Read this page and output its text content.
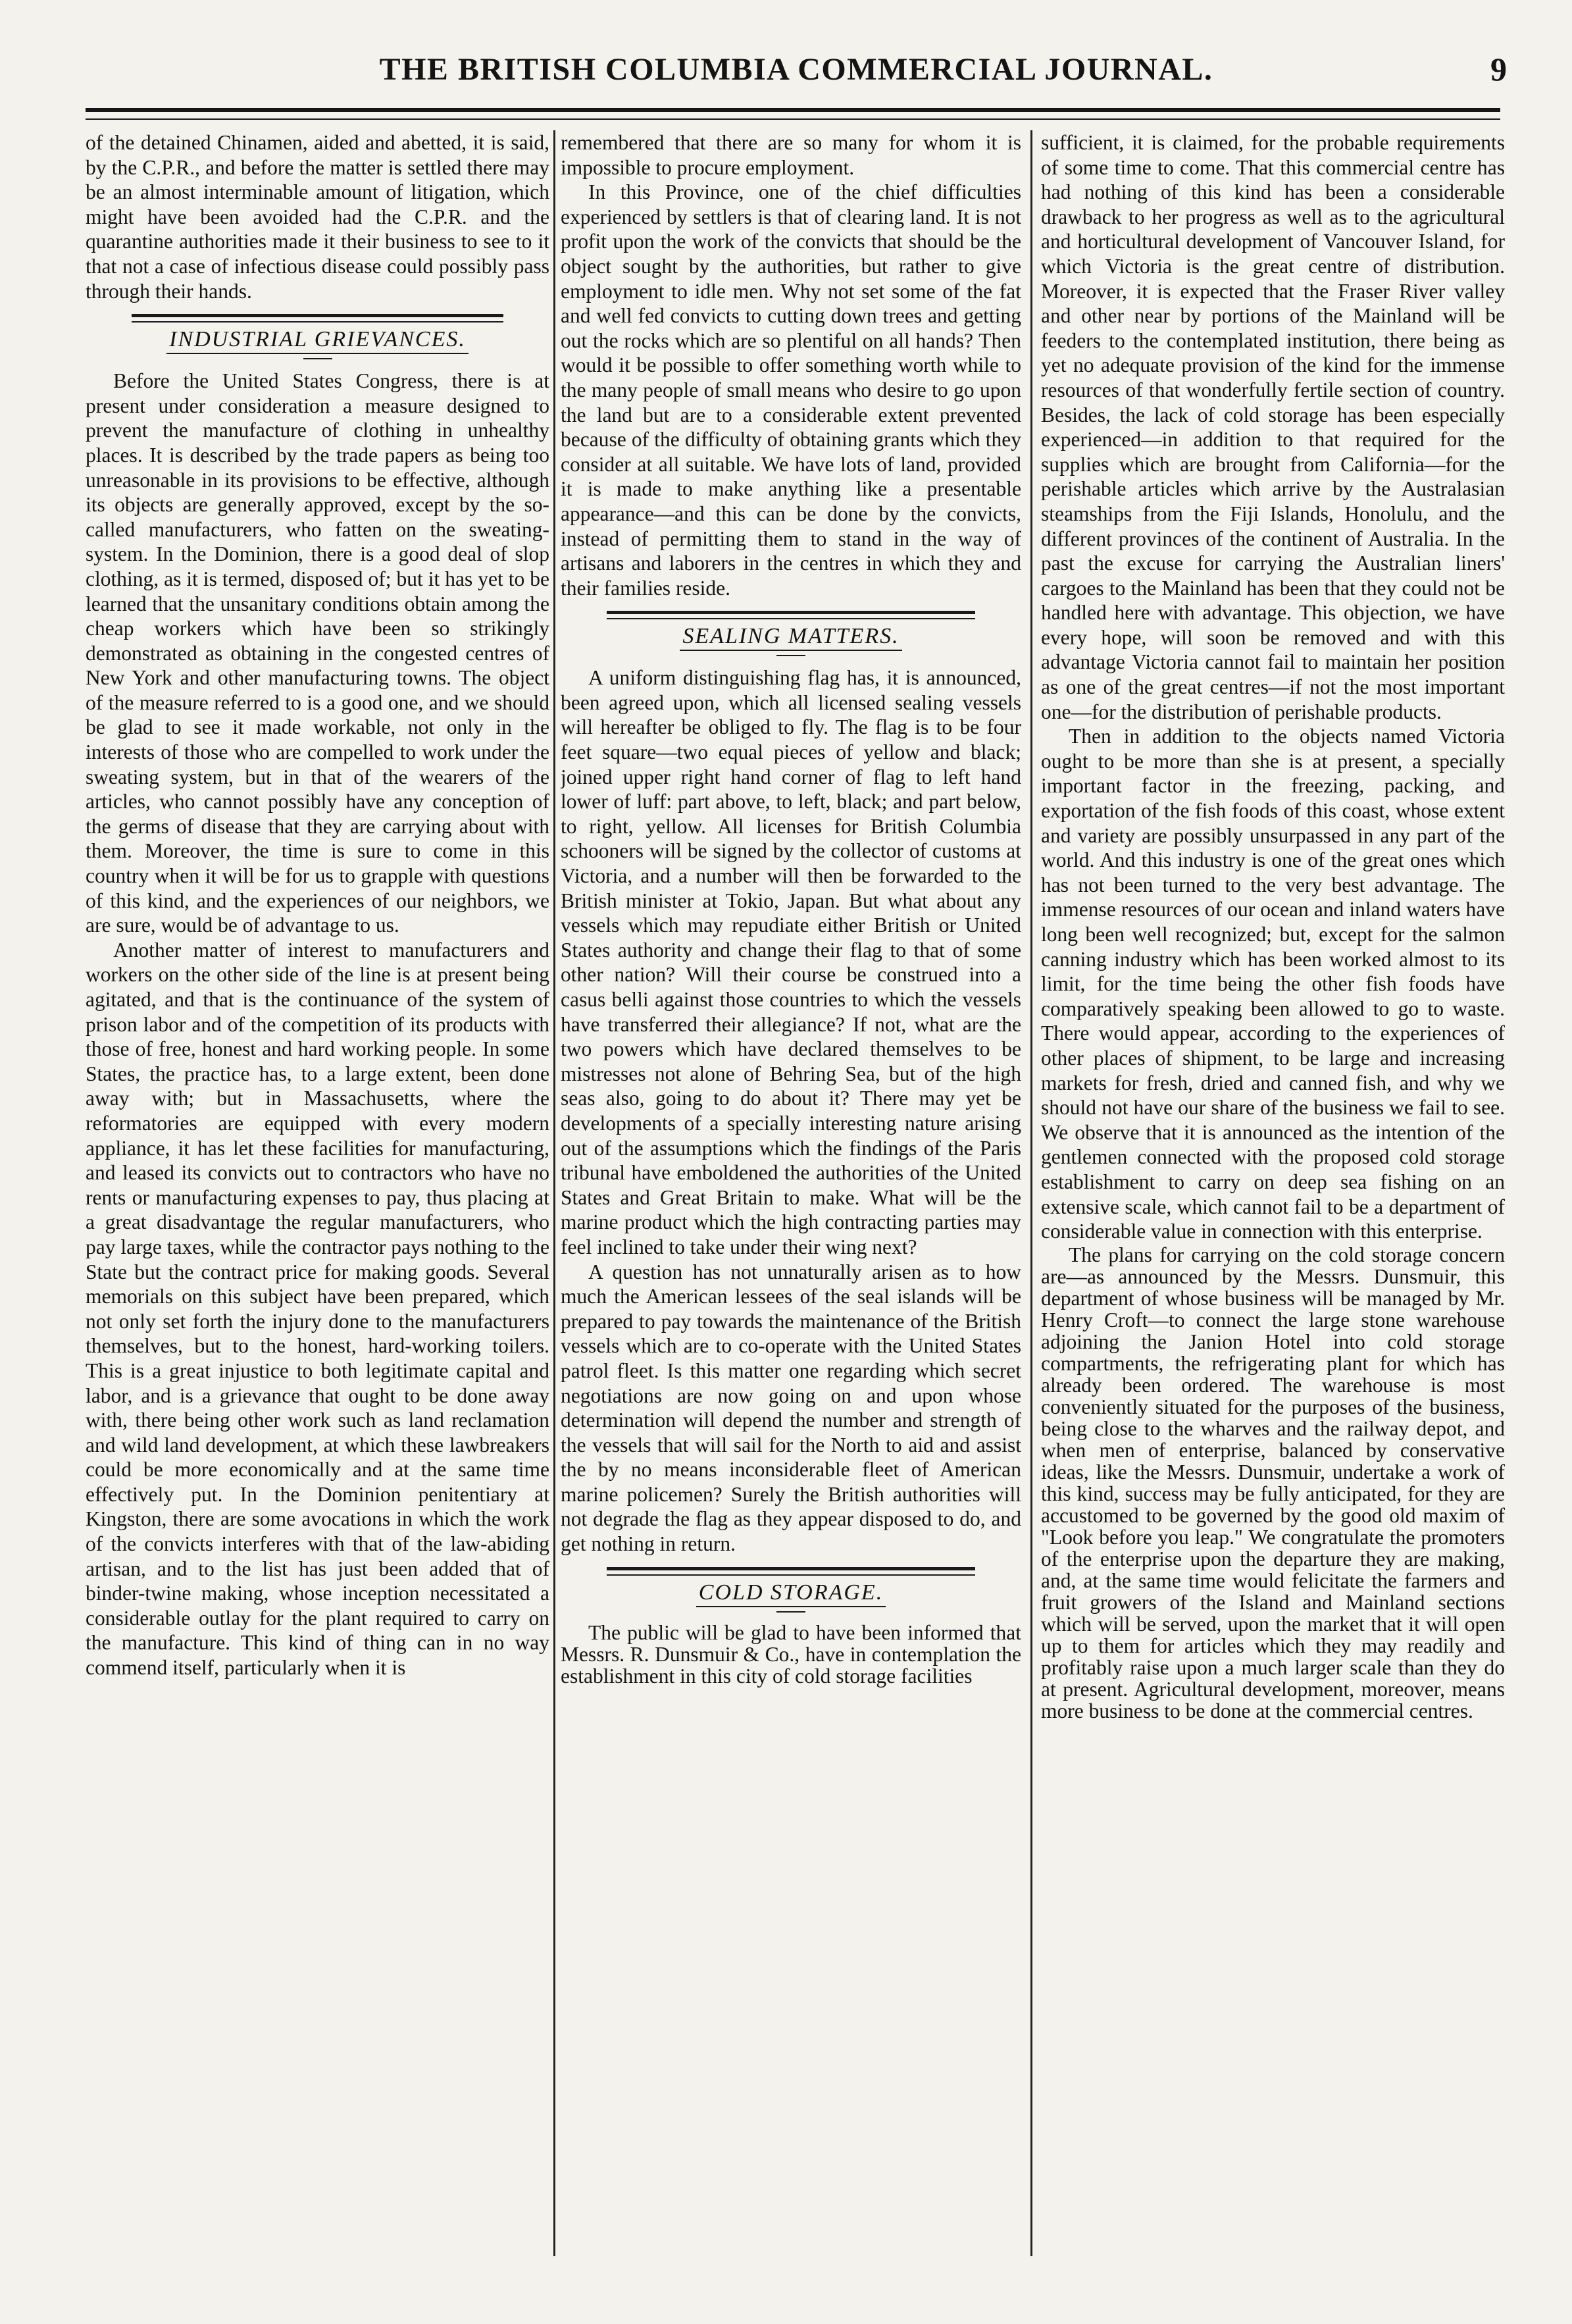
THE BRITISH COLUMBIA COMMERCIAL JOURNAL.	9

of the detained Chinamen, aided and abetted, it is said, by the C.P.R., and before the matter is settled there may be an almost interminable amount of litigation, which might have been avoided had the C.P.R. and the quarantine authorities made it their business to see to it that not a case of infectious disease could possibly pass through their hands.

INDUSTRIAL GRIEVANCES.

Before the United States Congress, there is at present under consideration a measure designed to prevent the manufacture of clothing in unhealthy places. It is described by the trade papers as being too unreasonable in its provisions to be effective, although its objects are generally approved, except by the so-called manufacturers, who fatten on the sweating-system. In the Dominion, there is a good deal of slop clothing, as it is termed, disposed of; but it has yet to be learned that the unsanitary conditions obtain among the cheap workers which have been so strikingly demonstrated as obtaining in the congested centres of New York and other manufacturing towns. The object of the measure referred to is a good one, and we should be glad to see it made workable, not only in the interests of those who are compelled to work under the sweating system, but in that of the wearers of the articles, who cannot possibly have any conception of the germs of disease that they are carrying about with them. Moreover, the time is sure to come in this country when it will be for us to grapple with questions of this kind, and the experiences of our neighbors, we are sure, would be of advantage to us.

Another matter of interest to manufacturers and workers on the other side of the line is at present being agitated, and that is the continuance of the system of prison labor and of the competition of its products with those of free, honest and hard working people. In some States, the practice has, to a large extent, been done away with; but in Massachusetts, where the reformatories are equipped with every modern appliance, it has let these facilities for manufacturing, and leased its convicts out to contractors who have no rents or manufacturing expenses to pay, thus placing at a great disadvantage the regular manufacturers, who pay large taxes, while the contractor pays nothing to the State but the contract price for making goods. Several memorials on this subject have been prepared, which not only set forth the injury done to the manufacturers themselves, but to the honest, hard-working toilers. This is a great injustice to both legitimate capital and labor, and is a grievance that ought to be done away with, there being other work such as land reclamation and wild land development, at which these lawbreakers could be more economically and at the same time effectively put. In the Dominion penitentiary at Kingston, there are some avocations in which the work of the convicts interferes with that of the law-abiding artisan, and to the list has just been added that of binder-twine making, whose inception necessitated a considerable outlay for the plant required to carry on the manufacture. This kind of thing can in no way commend itself, particularly when it is

remembered that there are so many for whom it is impossible to procure employment.

In this Province, one of the chief difficulties experienced by settlers is that of clearing land. It is not profit upon the work of the convicts that should be the object sought by the authorities, but rather to give employment to idle men. Why not set some of the fat and well fed convicts to cutting down trees and getting out the rocks which are so plentiful on all hands? Then would it be possible to offer something worth while to the many people of small means who desire to go upon the land but are to a considerable extent prevented because of the difficulty of obtaining grants which they consider at all suitable. We have lots of land, provided it is made to make anything like a presentable appearance—and this can be done by the convicts, instead of permitting them to stand in the way of artisans and laborers in the centres in which they and their families reside.

SEALING MATTERS.

A uniform distinguishing flag has, it is announced, been agreed upon, which all licensed sealing vessels will hereafter be obliged to fly. The flag is to be four feet square—two equal pieces of yellow and black; joined upper right hand corner of flag to left hand lower of luff: part above, to left, black; and part below, to right, yellow. All licenses for British Columbia schooners will be signed by the collector of customs at Victoria, and a number will then be forwarded to the British minister at Tokio, Japan. But what about any vessels which may repudiate either British or United States authority and change their flag to that of some other nation? Will their course be construed into a casus belli against those countries to which the vessels have transferred their allegiance? If not, what are the two powers which have declared themselves to be mistresses not alone of Behring Sea, but of the high seas also, going to do about it? There may yet be developments of a specially interesting nature arising out of the assumptions which the findings of the Paris tribunal have emboldened the authorities of the United States and Great Britain to make. What will be the marine product which the high contracting parties may feel inclined to take under their wing next?

A question has not unnaturally arisen as to how much the American lessees of the seal islands will be prepared to pay towards the maintenance of the British vessels which are to co-operate with the United States patrol fleet. Is this matter one regarding which secret negotiations are now going on and upon whose determination will depend the number and strength of the vessels that will sail for the North to aid and assist the by no means inconsiderable fleet of American marine policemen? Surely the British authorities will not degrade the flag as they appear disposed to do, and get nothing in return.

COLD STORAGE.

The public will be glad to have been informed that Messrs. R. Dunsmuir & Co., have in contemplation the establishment in this city of cold storage facilities

sufficient, it is claimed, for the probable requirements of some time to come. That this commercial centre has had nothing of this kind has been a considerable drawback to her progress as well as to the agricultural and horticultural development of Vancouver Island, for which Victoria is the great centre of distribution. Moreover, it is expected that the Fraser River valley and other near by portions of the Mainland will be feeders to the contemplated institution, there being as yet no adequate provision of the kind for the immense resources of that wonderfully fertile section of country. Besides, the lack of cold storage has been especially experienced—in addition to that required for the supplies which are brought from California—for the perishable articles which arrive by the Australasian steamships from the Fiji Islands, Honolulu, and the different provinces of the continent of Australia. In the past the excuse for carrying the Australian liners' cargoes to the Mainland has been that they could not be handled here with advantage. This objection, we have every hope, will soon be removed and with this advantage Victoria cannot fail to maintain her position as one of the great centres—if not the most important one—for the distribution of perishable products.

Then in addition to the objects named Victoria ought to be more than she is at present, a specially important factor in the freezing, packing, and exportation of the fish foods of this coast, whose extent and variety are possibly unsurpassed in any part of the world. And this industry is one of the great ones which has not been turned to the very best advantage. The immense resources of our ocean and inland waters have long been well recognized; but, except for the salmon canning industry which has been worked almost to its limit, for the time being the other fish foods have comparatively speaking been allowed to go to waste. There would appear, according to the experiences of other places of shipment, to be large and increasing markets for fresh, dried and canned fish, and why we should not have our share of the business we fail to see. We observe that it is announced as the intention of the gentlemen connected with the proposed cold storage establishment to carry on deep sea fishing on an extensive scale, which cannot fail to be a department of considerable value in connection with this enterprise.

The plans for carrying on the cold storage concern are—as announced by the Messrs. Dunsmuir, this department of whose business will be managed by Mr. Henry Croft—to connect the large stone warehouse adjoining the Janion Hotel into cold storage compartments, the refrigerating plant for which has already been ordered. The warehouse is most conveniently situated for the purposes of the business, being close to the wharves and the railway depot, and when men of enterprise, balanced by conservative ideas, like the Messrs. Dunsmuir, undertake a work of this kind, success may be fully anticipated, for they are accustomed to be governed by the good old maxim of "Look before you leap." We congratulate the promoters of the enterprise upon the departure they are making, and, at the same time would felicitate the farmers and fruit growers of the Island and Mainland sections which will be served, upon the market that it will open up to them for articles which they may readily and profitably raise upon a much larger scale than they do at present. Agricultural development, moreover, means more business to be done at the commercial centres.
